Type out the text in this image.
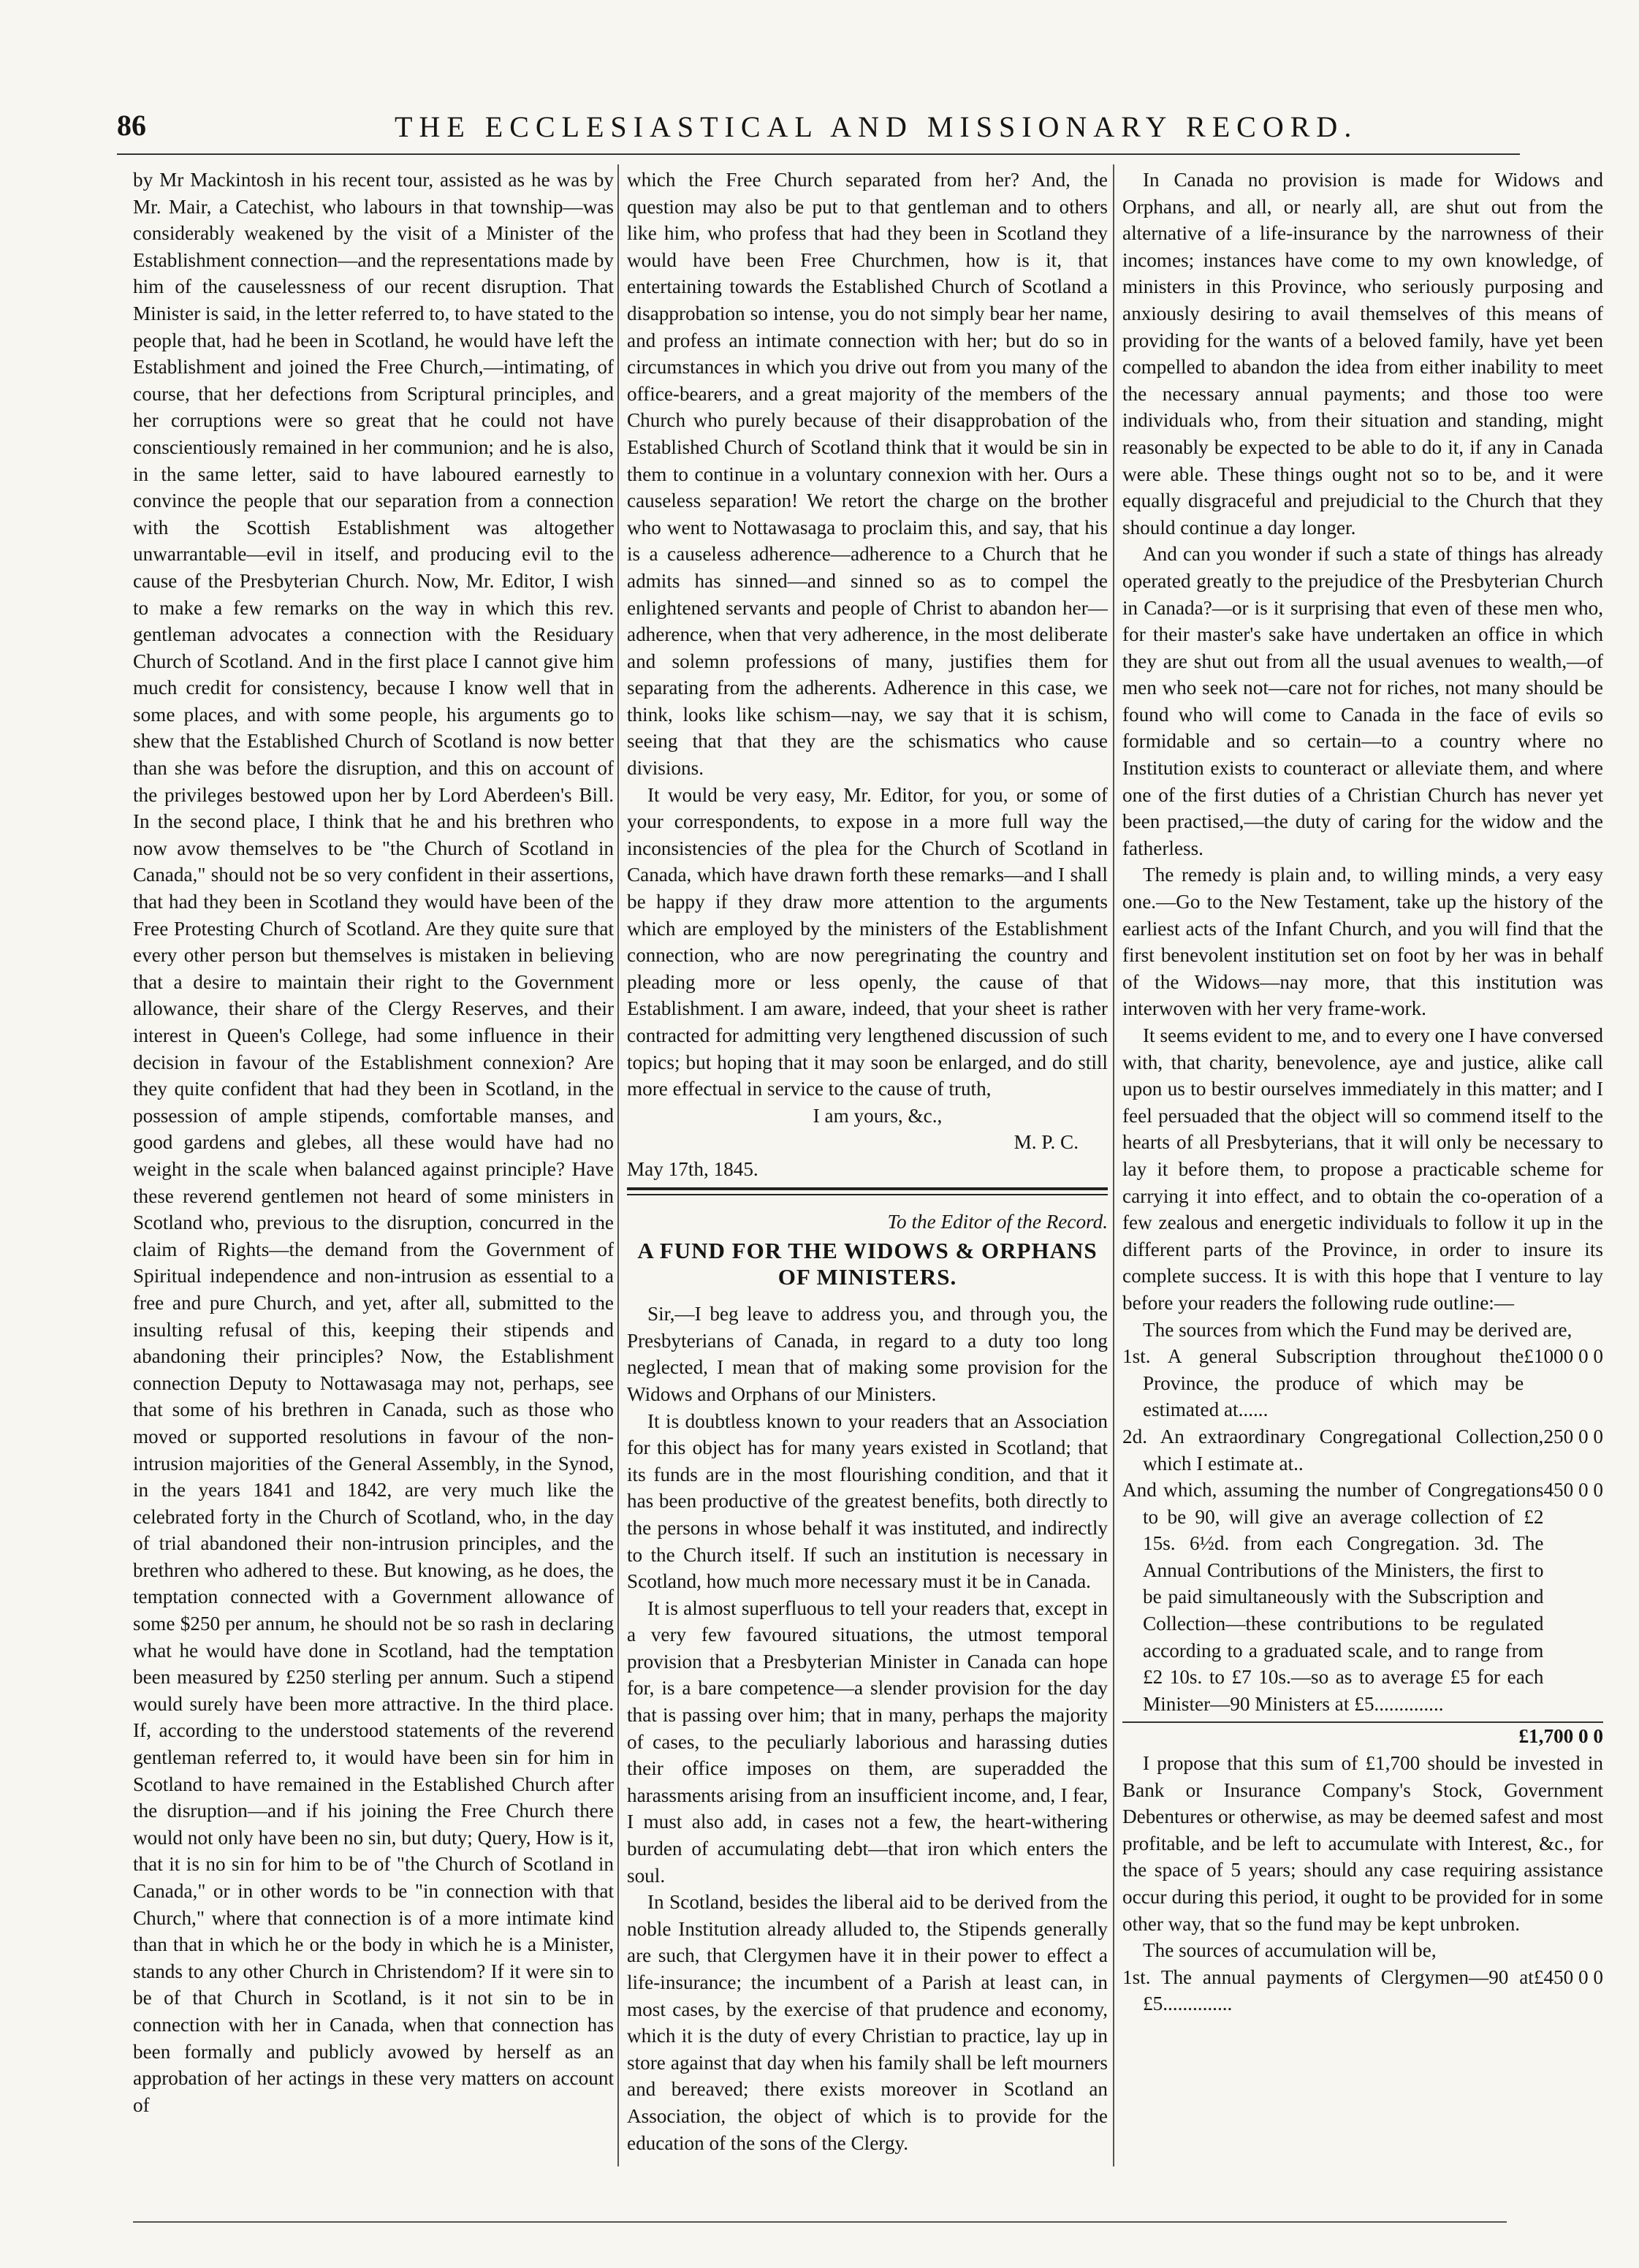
86	THE ECCLESIASTICAL AND MISSIONARY RECORD.

by Mr Mackintosh in his recent tour, assisted as he was by Mr. Mair, a Catechist, who labours in that township—was considerably weakened by the visit of a Minister of the Establishment connection—and the representations made by him of the causelessness of our recent disruption. That Minister is said, in the letter referred to, to have stated to the people that, had he been in Scotland, he would have left the Establishment and joined the Free Church,—intimating, of course, that her defections from Scriptural principles, and her corruptions were so great that he could not have conscientiously remained in her communion; and he is also, in the same letter, said to have laboured earnestly to convince the people that our separation from a connection with the Scottish Establishment was altogether unwarrantable—evil in itself, and producing evil to the cause of the Presbyterian Church. Now, Mr. Editor, I wish to make a few remarks on the way in which this rev. gentleman advocates a connection with the Residuary Church of Scotland. And in the first place I cannot give him much credit for consistency, because I know well that in some places, and with some people, his arguments go to shew that the Established Church of Scotland is now better than she was before the disruption, and this on account of the privileges bestowed upon her by Lord Aberdeen's Bill. In the second place, I think that he and his brethren who now avow themselves to be "the Church of Scotland in Canada," should not be so very confident in their assertions, that had they been in Scotland they would have been of the Free Protesting Church of Scotland. Are they quite sure that every other person but themselves is mistaken in believing that a desire to maintain their right to the Government allowance, their share of the Clergy Reserves, and their interest in Queen's College, had some influence in their decision in favour of the Establishment connexion? Are they quite confident that had they been in Scotland, in the possession of ample stipends, comfortable manses, and good gardens and glebes, all these would have had no weight in the scale when balanced against principle? Have these reverend gentlemen not heard of some ministers in Scotland who, previous to the disruption, concurred in the claim of Rights—the demand from the Government of Spiritual independence and non-intrusion as essential to a free and pure Church, and yet, after all, submitted to the insulting refusal of this, keeping their stipends and abandoning their principles? Now, the Establishment connection Deputy to Nottawasaga may not, perhaps, see that some of his brethren in Canada, such as those who moved or supported resolutions in favour of the non-intrusion majorities of the General Assembly, in the Synod, in the years 1841 and 1842, are very much like the celebrated forty in the Church of Scotland, who, in the day of trial abandoned their non-intrusion principles, and the brethren who adhered to these. But knowing, as he does, the temptation connected with a Government allowance of some $250 per annum, he should not be so rash in declaring what he would have done in Scotland, had the temptation been measured by £250 sterling per annum. Such a stipend would surely have been more attractive. In the third place. If, according to the understood statements of the reverend gentleman referred to, it would have been sin for him in Scotland to have remained in the Established Church after the disruption—and if his joining the Free Church there would not only have been no sin, but duty; Query, How is it, that it is no sin for him to be of "the Church of Scotland in Canada," or in other words to be "in connection with that Church," where that connection is of a more intimate kind than that in which he or the body in which he is a Minister, stands to any other Church in Christendom? If it were sin to be of that Church in Scotland, is it not sin to be in connection with her in Canada, when that connection has been formally and publicly avowed by herself as an approbation of her actings in these very matters on account of

which the Free Church separated from her? And, the question may also be put to that gentleman and to others like him, who profess that had they been in Scotland they would have been Free Churchmen, how is it, that entertaining towards the Established Church of Scotland a disapprobation so intense, you do not simply bear her name, and profess an intimate connection with her; but do so in circumstances in which you drive out from you many of the office-bearers, and a great majority of the members of the Church who purely because of their disapprobation of the Established Church of Scotland think that it would be sin in them to continue in a voluntary connexion with her. Ours a causeless separation! We retort the charge on the brother who went to Nottawasaga to proclaim this, and say, that his is a causeless adherence—adherence to a Church that he admits has sinned—and sinned so as to compel the enlightened servants and people of Christ to abandon her—adherence, when that very adherence, in the most deliberate and solemn professions of many, justifies them for separating from the adherents. Adherence in this case, we think, looks like schism—nay, we say that it is schism, seeing that that they are the schismatics who cause divisions.

It would be very easy, Mr. Editor, for you, or some of your correspondents, to expose in a more full way the inconsistencies of the plea for the Church of Scotland in Canada, which have drawn forth these remarks—and I shall be happy if they draw more attention to the arguments which are employed by the ministers of the Establishment connection, who are now peregrinating the country and pleading more or less openly, the cause of that Establishment. I am aware, indeed, that your sheet is rather contracted for admitting very lengthened discussion of such topics; but hoping that it may soon be enlarged, and do still more effectual in service to the cause of truth,

I am yours, &c.,

M. P. C.

May 17th, 1845.

To the Editor of the Record.

A FUND FOR THE WIDOWS & ORPHANS OF MINISTERS.

Sir,—I beg leave to address you, and through you, the Presbyterians of Canada, in regard to a duty too long neglected, I mean that of making some provision for the Widows and Orphans of our Ministers.

It is doubtless known to your readers that an Association for this object has for many years existed in Scotland; that its funds are in the most flourishing condition, and that it has been productive of the greatest benefits, both directly to the persons in whose behalf it was instituted, and indirectly to the Church itself. If such an institution is necessary in Scotland, how much more necessary must it be in Canada.

It is almost superfluous to tell your readers that, except in a very few favoured situations, the utmost temporal provision that a Presbyterian Minister in Canada can hope for, is a bare competence—a slender provision for the day that is passing over him; that in many, perhaps the majority of cases, to the peculiarly laborious and harassing duties their office imposes on them, are superadded the harassments arising from an insufficient income, and, I fear, I must also add, in cases not a few, the heart-withering burden of accumulating debt—that iron which enters the soul.

In Scotland, besides the liberal aid to be derived from the noble Institution already alluded to, the Stipends generally are such, that Clergymen have it in their power to effect a life-insurance; the incumbent of a Parish at least can, in most cases, by the exercise of that prudence and economy, which it is the duty of every Christian to practice, lay up in store against that day when his family shall be left mourners and bereaved; there exists moreover in Scotland an Association, the object of which is to provide for the education of the sons of the Clergy.

In Canada no provision is made for Widows and Orphans, and all, or nearly all, are shut out from the alternative of a life-insurance by the narrowness of their incomes; instances have come to my own knowledge, of ministers in this Province, who seriously purposing and anxiously desiring to avail themselves of this means of providing for the wants of a beloved family, have yet been compelled to abandon the idea from either inability to meet the necessary annual payments; and those too were individuals who, from their situation and standing, might reasonably be expected to be able to do it, if any in Canada were able. These things ought not so to be, and it were equally disgraceful and prejudicial to the Church that they should continue a day longer.

And can you wonder if such a state of things has already operated greatly to the prejudice of the Presbyterian Church in Canada?—or is it surprising that even of these men who, for their master's sake have undertaken an office in which they are shut out from all the usual avenues to wealth,—of men who seek not—care not for riches, not many should be found who will come to Canada in the face of evils so formidable and so certain—to a country where no Institution exists to counteract or alleviate them, and where one of the first duties of a Christian Church has never yet been practised,—the duty of caring for the widow and the fatherless.

The remedy is plain and, to willing minds, a very easy one.—Go to the New Testament, take up the history of the earliest acts of the Infant Church, and you will find that the first benevolent institution set on foot by her was in behalf of the Widows—nay more, that this institution was interwoven with her very frame-work.

It seems evident to me, and to every one I have conversed with, that charity, benevolence, aye and justice, alike call upon us to bestir ourselves immediately in this matter; and I feel persuaded that the object will so commend itself to the hearts of all Presbyterians, that it will only be necessary to lay it before them, to propose a practicable scheme for carrying it into effect, and to obtain the co-operation of a few zealous and energetic individuals to follow it up in the different parts of the Province, in order to insure its complete success. It is with this hope that I venture to lay before your readers the following rude outline:—

The sources from which the Fund may be derived are,

1st. A general Subscription throughout the Province, the produce of which may be estimated at......
£1000 0 0
2d. An extraordinary Congregational Collection, which I estimate at..
250 0 0
And which, assuming the number of Congregations to be 90, will give an average collection of £2 15s. 6½d. from each Congregation. 3d. The Annual Contributions of the Ministers, the first to be paid simultaneously with the Subscription and Collection—these contributions to be regulated according to a graduated scale, and to range from £2 10s. to £7 10s.—so as to average £5 for each Minister—90 Ministers at £5..............
450 0 0
£1,700 0 0

I propose that this sum of £1,700 should be invested in Bank or Insurance Company's Stock, Government Debentures or otherwise, as may be deemed safest and most profitable, and be left to accumulate with Interest, &c., for the space of 5 years; should any case requiring assistance occur during this period, it ought to be provided for in some other way, that so the fund may be kept unbroken.

The sources of accumulation will be,

1st. The annual payments of Clergymen—90 at £5..............
£450 0 0
